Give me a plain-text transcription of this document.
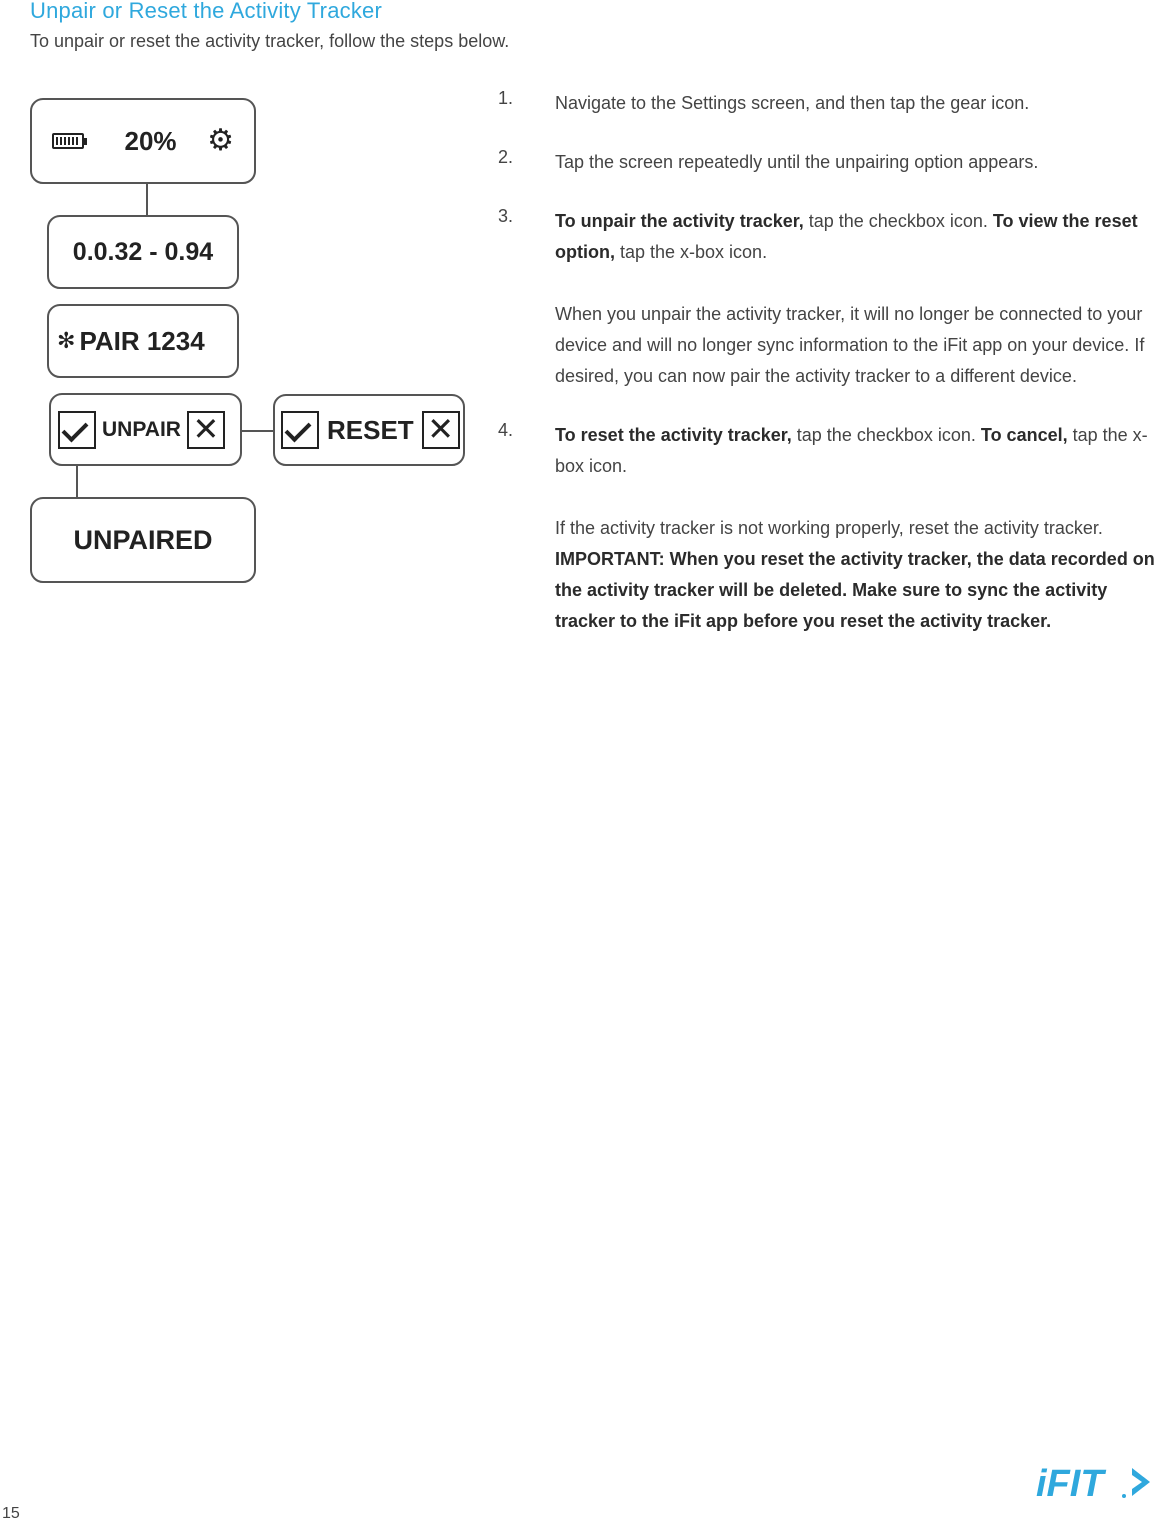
Unpair or Reset the Activity Tracker

To unpair or reset the activity tracker, follow the steps below.

20% ⚙
0.0.32 - 0.94
✻ PAIR 1234
UNPAIR ✕	RESET ✕
UNPAIRED
1. Navigate to the Settings screen, and then tap the gear icon.

2. Tap the screen repeatedly until the unpairing option appears.

3. To unpair the activity tracker, tap the checkbox icon. To view the reset option, tap the x-box icon.

When you unpair the activity tracker, it will no longer be connected to your device and will no longer sync information to the iFit app on your device. If desired, you can now pair the activity tracker to a different device.

4. To reset the activity tracker, tap the checkbox icon. To cancel, tap the x-box icon.

If the activity tracker is not working properly, reset the activity tracker. IMPORTANT: When you reset the activity tracker, the data recorded on the activity tracker will be deleted. Make sure to sync the activity tracker to the iFit app before you reset the activity tracker.

15
iFIT
